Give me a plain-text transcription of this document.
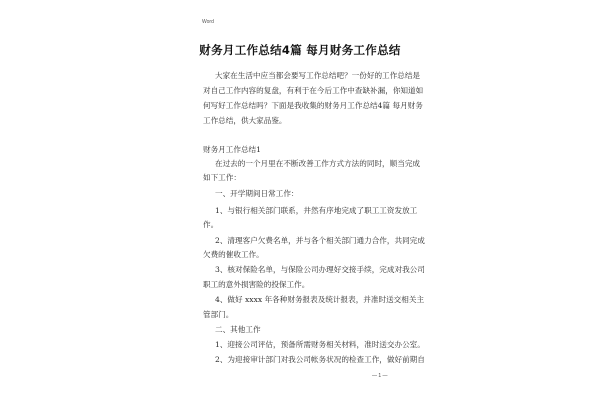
Word
财务月工作总结4篇 每月财务工作总结
大家在生活中应当都会要写工作总结吧？一份好的工作总结是
对自己工作内容的复盘，有利于在今后工作中查缺补漏，你知道如
何写好工作总结吗？下面是我收集的财务月工作总结4篇 每月财务
工作总结，供大家品鉴。
财务月工作总结1
在过去的一个月里在不断改善工作方式方法的同时，顺当完成
如下工作：
一、开学期间日常工作：
1、与银行相关部门联系，井然有序地完成了职工工资发放工
作。
2、清理客户欠费名单，并与各个相关部门通力合作，共同完成
欠费的催收工作。
3、核对保险名单，与保险公司办理好交接手续，完成对我公司
职工的意外损害险的投保工作。
4、做好 xxxx 年各种财务报表及统计报表，并准时送交相关主
管部门。
二、其他工作
1、迎接公司评估，预备所需财务相关材料，准时送交办公室。
2、为迎接审计部门对我公司帐务状况的检查工作，做好前期自
— 1 —
